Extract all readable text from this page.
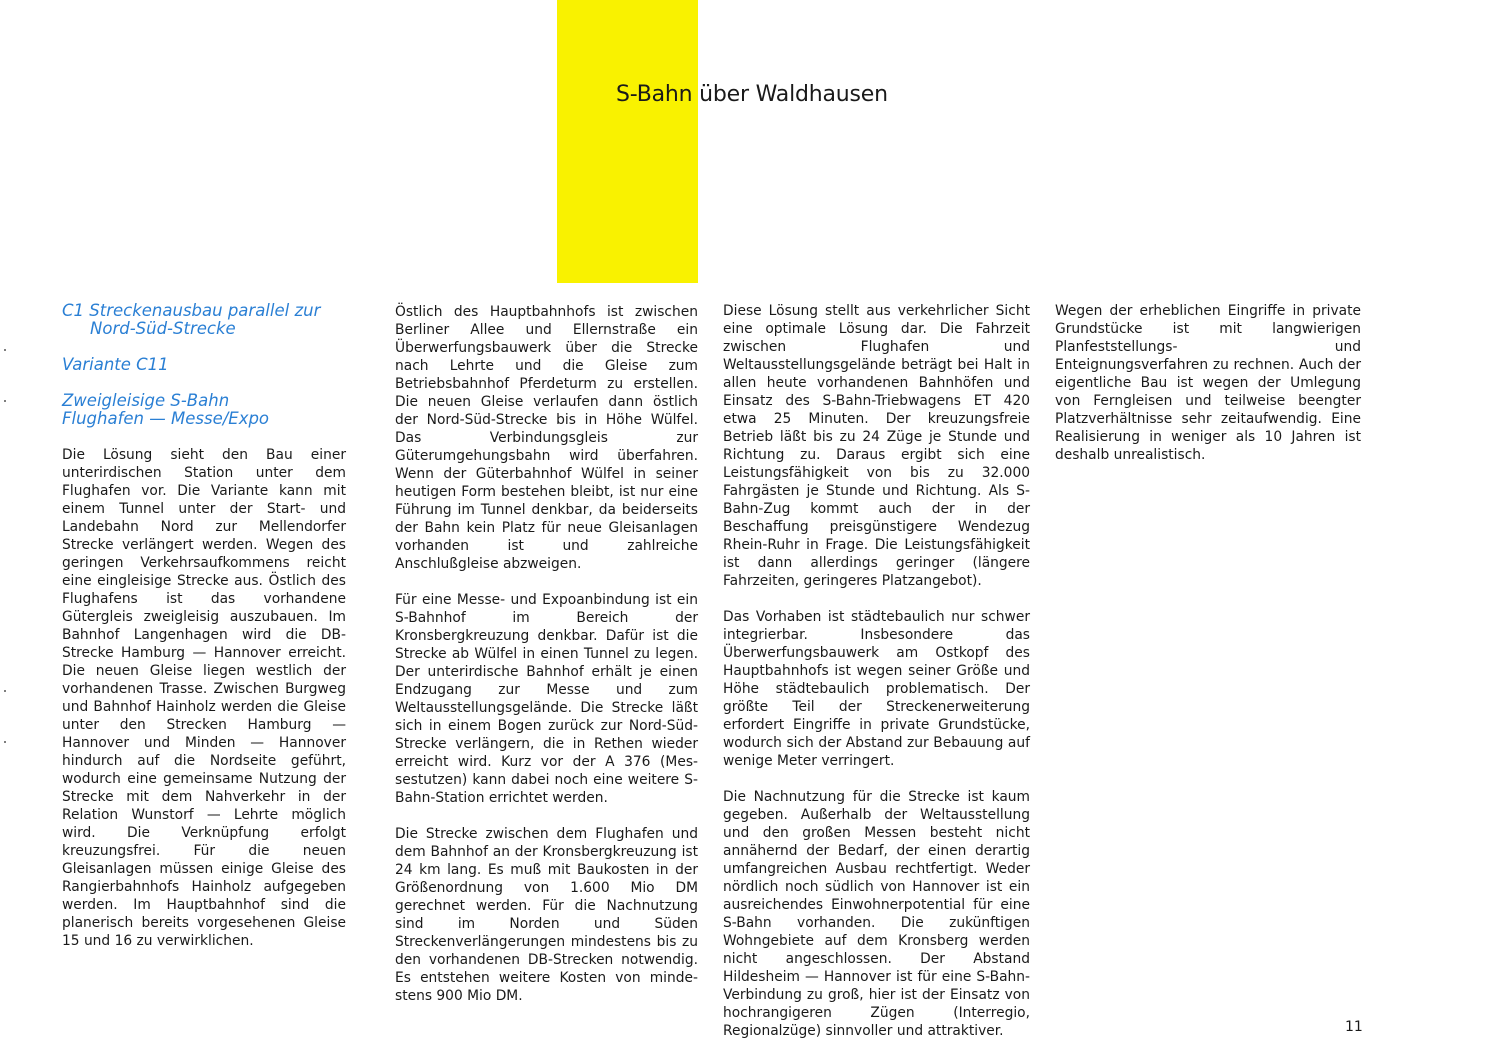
S-Bahn über Waldhausen
C1 Streckenausbau parallel zur Nord-Süd-Strecke
Variante C11
Zweigleisige S-Bahn
Flughafen — Messe/Expo

Die Lösung sieht den Bau einer unterirdischen Station unter dem Flughafen vor. Die Variante kann mit einem Tunnel unter der Start- und Landebahn Nord zur Mellendorfer Strecke verlängert werden. Wegen des geringen Verkehrsaufkommens reicht eine eingleisige Strecke aus. Östlich des Flughafens ist das vorhandene Gütergleis zweigleisig auszubauen. Im Bahnhof Langenhagen wird die DB-Strecke Hamburg — Hannover erreicht. Die neuen Gleise liegen westlich der vorhandenen Trasse. Zwischen Burgweg und Bahnhof Hainholz werden die Gleise unter den Strecken Hamburg — Hannover und Minden — Hannover hindurch auf die Nordseite geführt, wodurch eine gemeinsame Nutzung der Strecke mit dem Nahverkehr in der Relation Wunstorf — Lehrte möglich wird. Die Verknüpfung erfolgt kreuzungsfrei. Für die neuen Gleisanlagen müssen einige Gleise des Rangierbahnhofs Hainholz aufgegeben werden. Im Hauptbahnhof sind die planerisch bereits vorgesehenen Gleise 15 und 16 zu verwirklichen.

Östlich des Hauptbahnhofs ist zwischen Berliner Allee und Ellernstraße ein Überwerfungsbauwerk über die Strecke nach Lehrte und die Gleise zum Betriebsbahnhof Pferdeturm zu erstellen. Die neuen Gleise verlaufen dann östlich der Nord-Süd-Strecke bis in Höhe Wülfel. Das Verbindungsgleis zur Güterumgehungsbahn wird überfahren. Wenn der Güterbahnhof Wülfel in seiner heutigen Form bestehen bleibt, ist nur eine Führung im Tunnel denkbar, da beiderseits der Bahn kein Platz für neue Gleisanlagen vorhanden ist und zahlreiche Anschlußgleise abzweigen.

Für eine Messe- und Expoanbindung ist ein S-Bahnhof im Bereich der Kronsbergkreuzung denkbar. Dafür ist die Strecke ab Wülfel in einen Tunnel zu legen. Der unterirdische Bahnhof erhält je einen Endzugang zur Messe und zum Weltausstellungsgelände. Die Strecke läßt sich in einem Bogen zurück zur Nord-Süd-Strecke verlängern, die in Rethen wieder erreicht wird. Kurz vor der A 376 (Messestutzen) kann dabei noch eine weitere S-Bahn-Station errichtet werden.

Die Strecke zwischen dem Flughafen und dem Bahnhof an der Kronsbergkreuzung ist 24 km lang. Es muß mit Baukosten in der Größenordnung von 1.600 Mio DM gerechnet werden. Für die Nachnutzung sind im Norden und Süden Streckenverlängerungen mindestens bis zu den vorhandenen DB-Strecken notwendig. Es entstehen weitere Kosten von mindestens 900 Mio DM.

Diese Lösung stellt aus verkehrlicher Sicht eine optimale Lösung dar. Die Fahrzeit zwischen Flughafen und Weltausstellungsgelände beträgt bei Halt in allen heute vorhandenen Bahnhöfen und Einsatz des S-Bahn-Triebwagens ET 420 etwa 25 Minuten. Der kreuzungsfreie Betrieb läßt bis zu 24 Züge je Stunde und Richtung zu. Daraus ergibt sich eine Leistungsfähigkeit von bis zu 32.000 Fahrgästen je Stunde und Richtung. Als S-Bahn-Zug kommt auch der in der Beschaffung preisgünstigere Wendezug Rhein-Ruhr in Frage. Die Leistungsfähigkeit ist dann allerdings geringer (längere Fahrzeiten, geringeres Platzangebot).

Das Vorhaben ist städtebaulich nur schwer integrierbar. Insbesondere das Überwerfungsbauwerk am Ostkopf des Hauptbahnhofs ist wegen seiner Größe und Höhe städtebaulich problematisch. Der größte Teil der Streckenerweiterung erfordert Eingriffe in private Grundstücke, wodurch sich der Abstand zur Bebauung auf wenige Meter verringert.

Die Nachnutzung für die Strecke ist kaum gegeben. Außerhalb der Weltausstellung und den großen Messen besteht nicht annähernd der Bedarf, der einen derartig umfangreichen Ausbau rechtfertigt. Weder nördlich noch südlich von Hannover ist ein ausreichendes Einwohnerpotential für eine S-Bahn vorhanden. Die zukünftigen Wohngebiete auf dem Kronsberg werden nicht angeschlossen. Der Abstand Hildesheim — Hannover ist für eine S-Bahn-Verbindung zu groß, hier ist der Einsatz von hochrangigeren Zügen (Interregio, Regionalzüge) sinnvoller und attraktiver.

Wegen der erheblichen Eingriffe in private Grundstücke ist mit langwierigen Planfeststellungs- und Enteignungsverfahren zu rechnen. Auch der eigentliche Bau ist wegen der Umlegung von Ferngleisen und teilweise beengter Platzverhältnisse sehr zeitaufwendig. Eine Realisierung in weniger als 10 Jahren ist deshalb unrealistisch.

11
